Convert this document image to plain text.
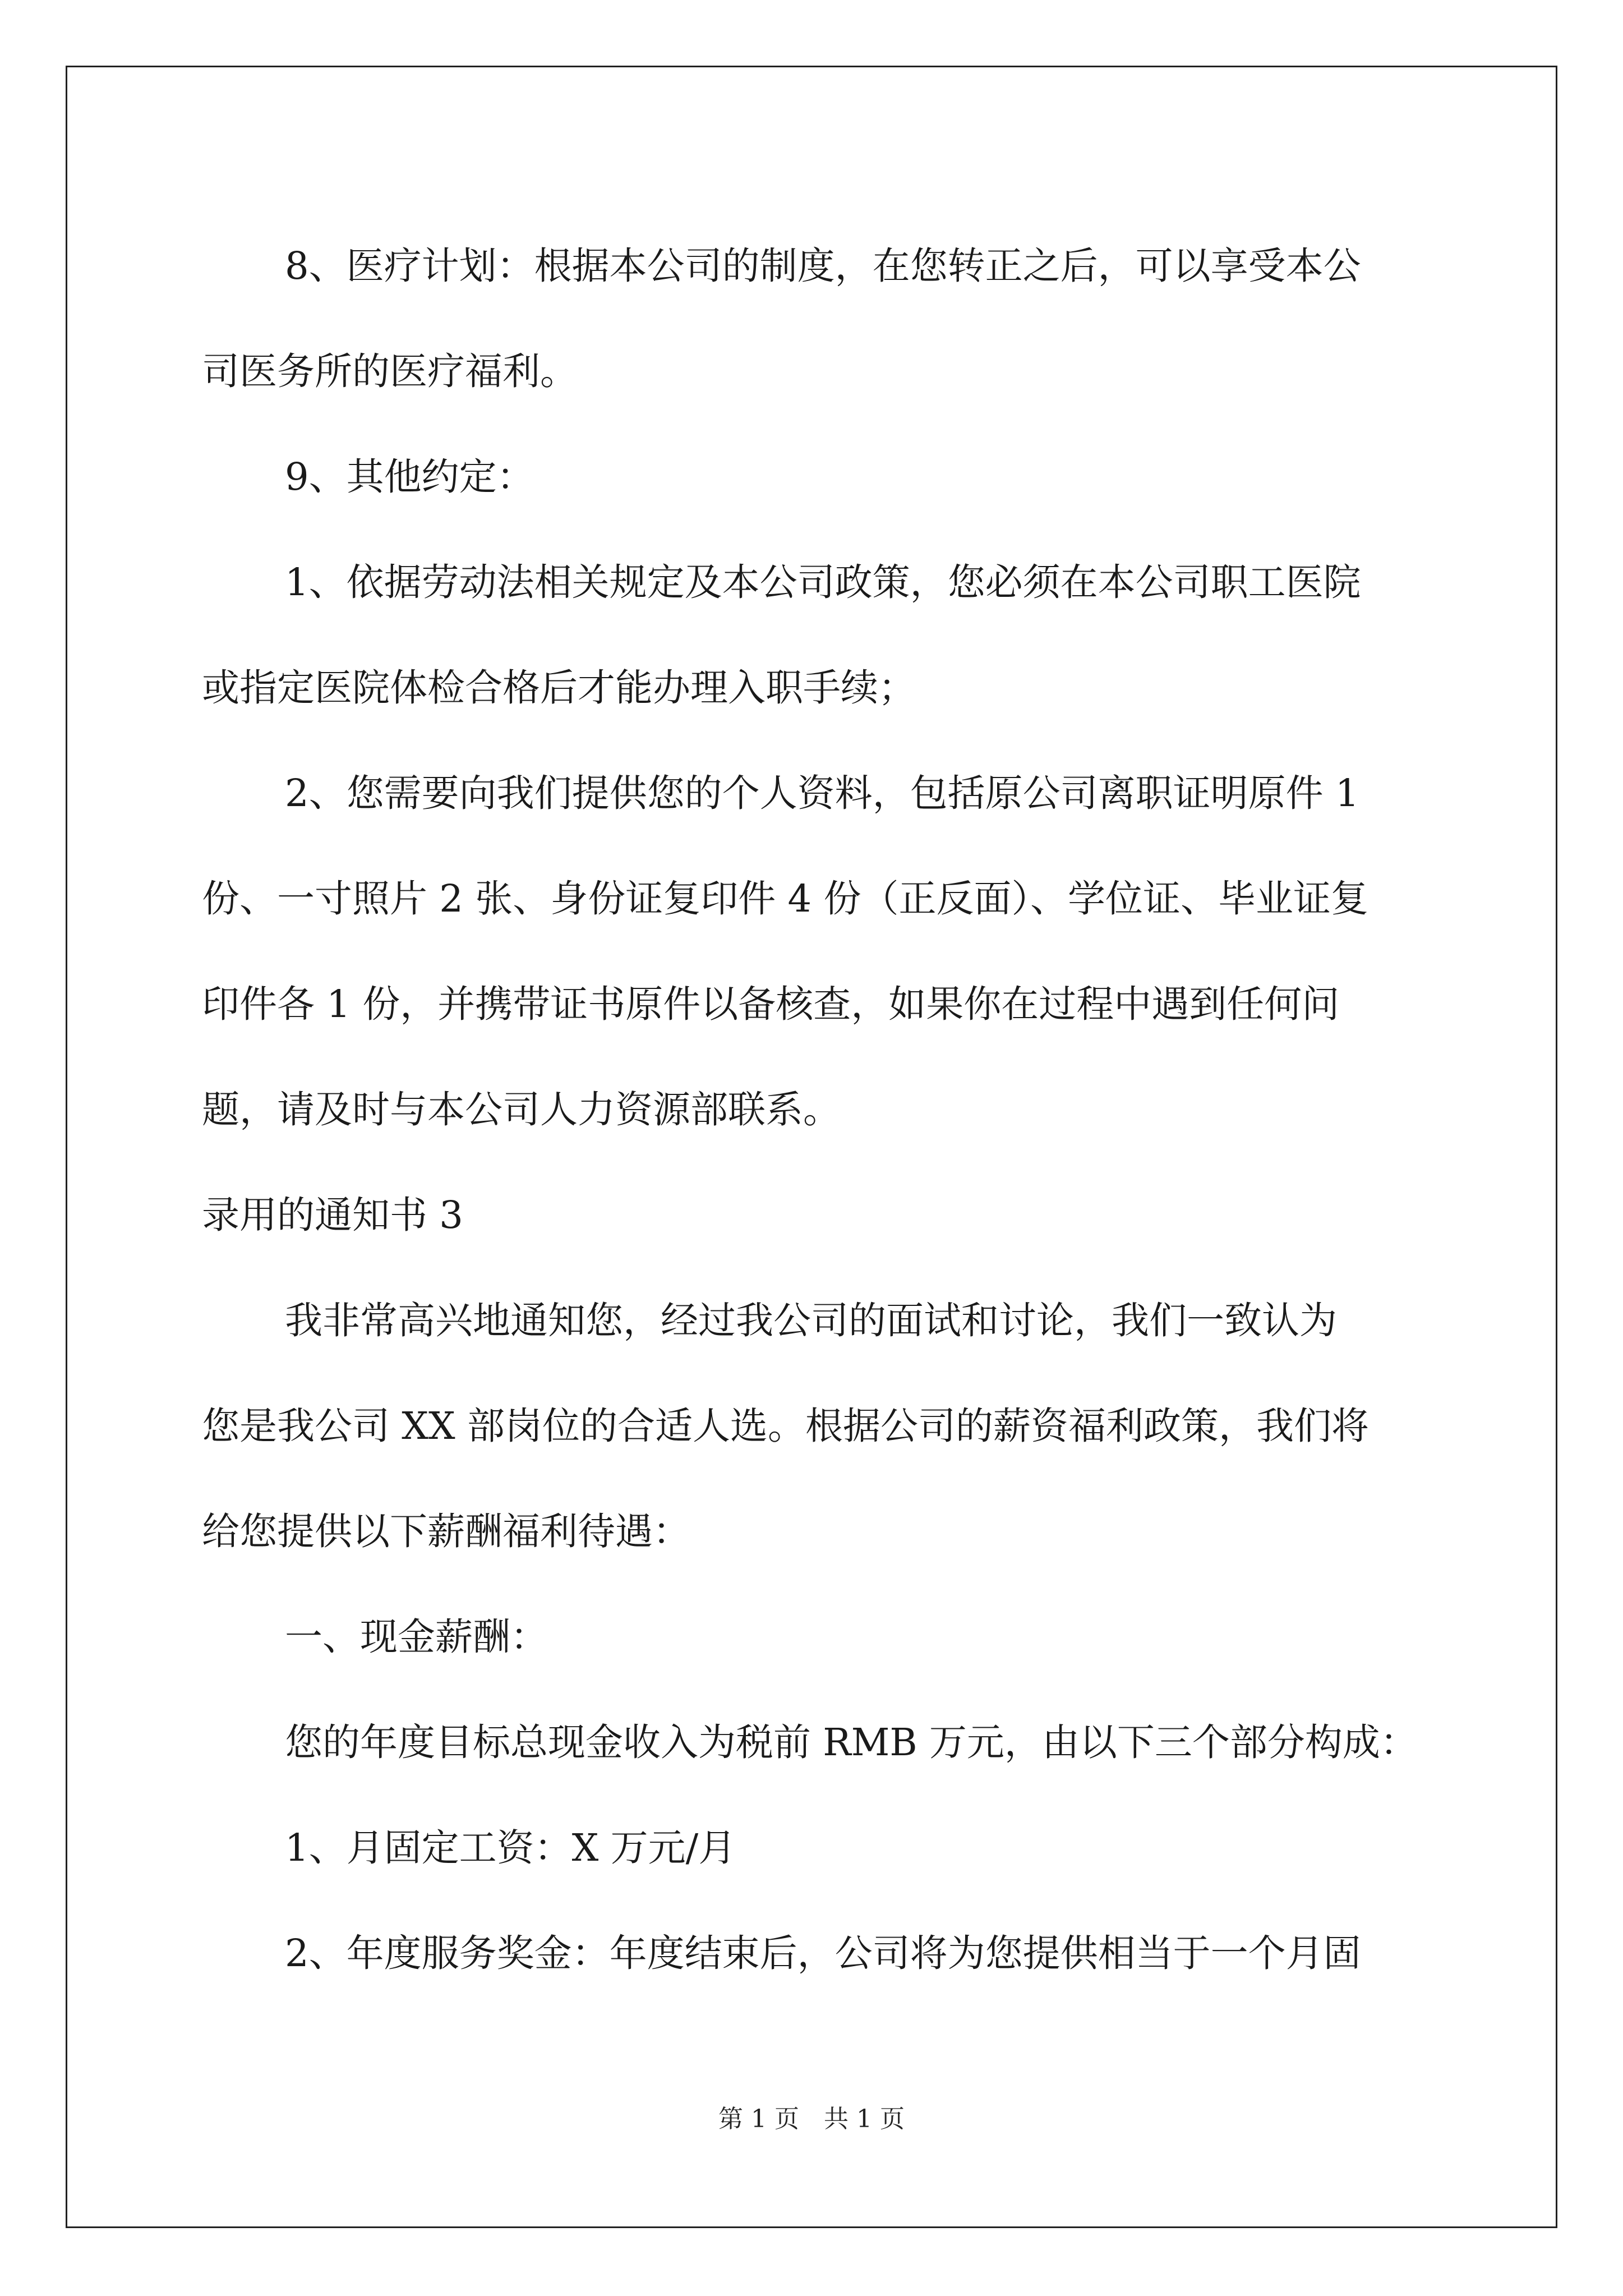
8、医疗计划：根据本公司的制度，在您转正之后，可以享受本公
司医务所的医疗福利。
9、其他约定：
1、依据劳动法相关规定及本公司政策，您必须在本公司职工医院
或指定医院体检合格后才能办理入职手续；
2、您需要向我们提供您的个人资料，包括原公司离职证明原件 1
份、一寸照片 2 张、身份证复印件 4 份（正反面）、学位证、毕业证复
印件各 1 份，并携带证书原件以备核查，如果你在过程中遇到任何问
题，请及时与本公司人力资源部联系。
录用的通知书 3
我非常高兴地通知您，经过我公司的面试和讨论，我们一致认为
您是我公司 XX 部岗位的合适人选。根据公司的薪资福利政策，我们将
给您提供以下薪酬福利待遇：
一、现金薪酬：
您的年度目标总现金收入为税前 RMB 万元，由以下三个部分构成：
1、月固定工资：X 万元/月
2、年度服务奖金：年度结束后，公司将为您提供相当于一个月固
第 1 页　共 1 页
